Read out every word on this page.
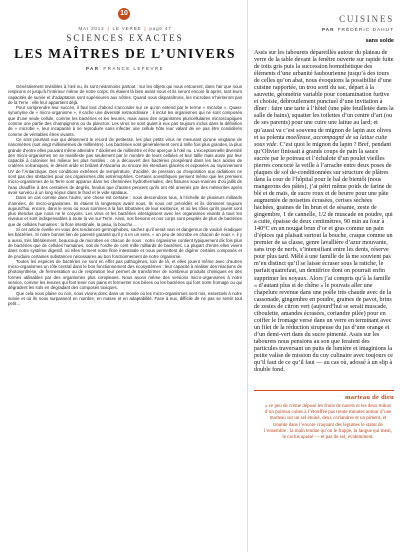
10
MAI 2012 | LE VERBE | page 47
SCIENCES EXACTES
LES MAÎTRES DE L’UNIVERS
PAR FRANCE LEFEVRE

Généralement invisibles à l’œil nu, ils sont néanmoins partout : sur les objets qui nous entourent, dans l’air que nous respirons et jusqu’à l’intérieur même de notre corps. Ils étaient là bien avant nous et ils seront encore là après, tant leurs capacités de survie et d’adaptation sont supérieures aux nôtres. Quand nous disparaîtrons, les microbes n’hériteront pas de la Terre : elle leur appartient déjà.

Pour comprendre leur succès, il faut tout d’abord s’accorder sur ce qu’on entend par le terme « microbe ». Quasi-synonyme de « micro-organisme », il cache une diversité extraordinaire : il inclut les organismes qui ne sont composés que d’une seule cellule, comme les bactéries et les levures, mais aussi des organismes pluricellulaires microscopiques comme une partie des champignons ou du plancton. Les virus ne sont quant à eux pas toujours inclus dans la définition de « microbe », leur incapacité à se reproduire sans infecter une cellule hôte leur valant de ne pas être considérés comme de véritables êtres vivants.

Ce sont pourtant eux qui détiennent le record de petitesse, les plus petits virus ne mesurant qu’une vingtaine de nanomètres (soit vingt millionièmes de millimètre). Les bactéries sont généralement cent à mille fois plus grandes, la plus grande d’entre elles pouvant même atteindre 7 dixièmes de millimètre et être aperçue à l’œil nu. L’exceptionnelle diversité des micro-organismes ne se manifeste pas seulement par le nombre de leurs cellules et leur taille mais aussi par leur capacité à coloniser les milieux les plus hostiles : on a découvert des bactéries prospérant dans les lacs acides de cratères volcaniques, le désert aride et brûlant d’Atacama ou encore les étendues glacées et exposées au rayonnement UV de l’Antarctique. Des conditions extrêmes de température, d’acidité, de pression ou d’exposition aux radiations ne sont pas des obstacles pour ces organismes dits extrémophiles. Certains scientifiques pensent même que les premiers micro-organismes de la Terre sont apparus dans les cheminées hydrothermales, des fissures sous-marines d’où jaillit de l’eau chauffée à des centaines de degrés, fendus que d’autres pensent qu’ils ont été amenés par des météorites après avoir survécu à un long séjour dans le froid et le vide spatiaux.

Dans un cas comme dans l’autre, une chose est certaine : nous descendons tous, à l’échelle de plusieurs milliards d’années, de micro-organismes. Ils étaient là longtemps avant nous, ils nous ont précédés et ils dominent toujours aujourd’hui, encore, dans le sens où nous sommes à la fois tributaires de leur existence, et où les rôles qu’ils jouent sont plus étendus que nous ne le croyons. Les virus et les bactéries interagissent avec les organismes vivants à tous les niveaux et sont indispensables à toute la vie sur Terre. Ainsi, nos besoins et nos corps sont peuplés de plus de bactéries que de cellules humaines : la flore intestinale, la peau, la bouche…

Si cet article éveille en vous des tendances germophobes, sachez qu’il serait vain et dangereux de vouloir éradiquer les bactéries. Si notre bonnet lien de parenté garantit qu’il y a en un sens, « un peu de microbe en chacun de nous », il y a aussi, très littéralement, beaucoup de microbes en chacun de nous : notre organisme contient typiquement dix fois plus de bactéries que de cellules humaines, soit de l’ordre de cent mille milliards de bactéries. La plupart d’entre elles vivent dans notre système digestif, où elles forment notre flore intestinale et nous permettent de digérer certains composés et de produire certaines substances nécessaires au bon fonctionnement de notre organisme.

Toutes les espèces de bactéries ne sont en effet pas pathogènes, loin de là, et elles jouent même avec d’autres micro-organismes un rôle central dans le bon fonctionnement des écosystèmes : leur capacité à réaliser des réactions de photosynthèse, de fermentation ou de respiration leur permet de transformer de nombreux produits chimiques en des formes utilisables par des organismes plus complexes. Nous avons même des versions micro-organismes à notre service, comme les levures qui font lever nos pains et fermenter nos bières ou les bactéries qui font notre fromage ou qui dégradent les sols en dégradant des composés toxiques.

Que cela nous plaise ou non, nous vivons donc dans un monde où les micro-organismes sont rois, essentiels à notre survie et où ils nous surpassent en nombre, en masse et en adaptabilité. Face à eux, difficile de ne pas se sentir tout petit…

CUISINES
PAR FRÉDÉRIC DAHUT
sans solde

Assis sur les tabourets dépareillés autour du plateau de verre de la table devant la fenêtre ouverte sur rapide fuite de toits gris puis la succession homothétique des éléments d’une urbanité faubourienne jusqu’à des tours de celles qu’on abat, nous évoquions la possibilité d’une cuisine rapportée, un trou sorti du sac, départ à la sauvette, géométrie variable pour contamination furtive et choisie, débrouilement punctuel d’une invitation à dîner : faire une tarte à l’hôtel (une pâte feuilletée dans la salle de bains), squatter les toilettes d’un centre d’art (ou de ses parents) pour une cuire une laitue au lard; et qu’aussi va c’est souvenu de mignon de lapin aux olives et sa polenta moelleuse, accompagné de sa laitue cuite sous vide. C’est quoi le mignon du lapin ? Bref, pendant qu’Olivier finissait à grands coups de pain la sauce sucrée par le poireau et l’échalote d’un poulet vieilles pierres concocté la veille à l’arrache entre deux poses de plaques de sol de-conditionnées sur structure de plâtres dans la cour de l’hôpital pour le bal de bientôt (nous mangerons des pâtés), j’ai pétri même poids de farine de blé et de maïs, de sucre roux et de beurre pour une pâte augmentée de noisettes écrasées, cerises séchées hachées, graines de lin brun et de sésame, zeste de gingembre, 1 de cannelle, 1/2 de muscade en poudre, qui a cuite, épaisse de deux centimètres, 90 min au four à 140°C en un nougat brun d’or et gras comme un pain d’épices qui plaisait surtout la bouche, craque comme un premier de sa classe, genre lavallière d’azur mouvante, sans trop de nerfs, s’intensifiant entre les dents, réserve pour plus tard. Mêlé à une famille de là me souvient pas m’en distinct qu’il se laisse écraser sous la ratiche, le parfait quatrefaut, un dentifrice dont on pourrait enfin supprimer les noyaux. Alors j’ai compris qu’à la famille « d’autant plus si de chêne » le pouvais aller une chapelure revenue dans une poêle très chaude avec de la cassonade, gingembre en poudre, graines de pavot, brins de zestes de citron vert (aujourd’hui se serait muscade, ciboulette, amandes écrasées, coriandre pilée) pour en coiffer le fromage versé dans un verre en terminant avec un filet de la réduction sirupeuse du jus d’une orange et d’un demi-vert dans du sucre pimenté. Assis sur les tabourets nous pensions au son que feraient des particules traversant un puits de lumière et imaginions la petite valise de mission du cuy culinaire avec toujours ce qu’il faut de ce qu’il faut — au cas où, adossé à un slip à double fond.

marteau de dieu
« ce peu de crème déposé les fruits de navets et les deux mikus d’un poireau cuites à l’étouffée pas trente minutes autour d’une marteau sur un sel étoiné, deux coriandres et un piment, et trouble dans l’encore craquant des légumes le statut de l’ensemble : la main tendue qu’on le frappe, la langue qui meul, le cactus apaisé — et pas de sel, évidemment.
